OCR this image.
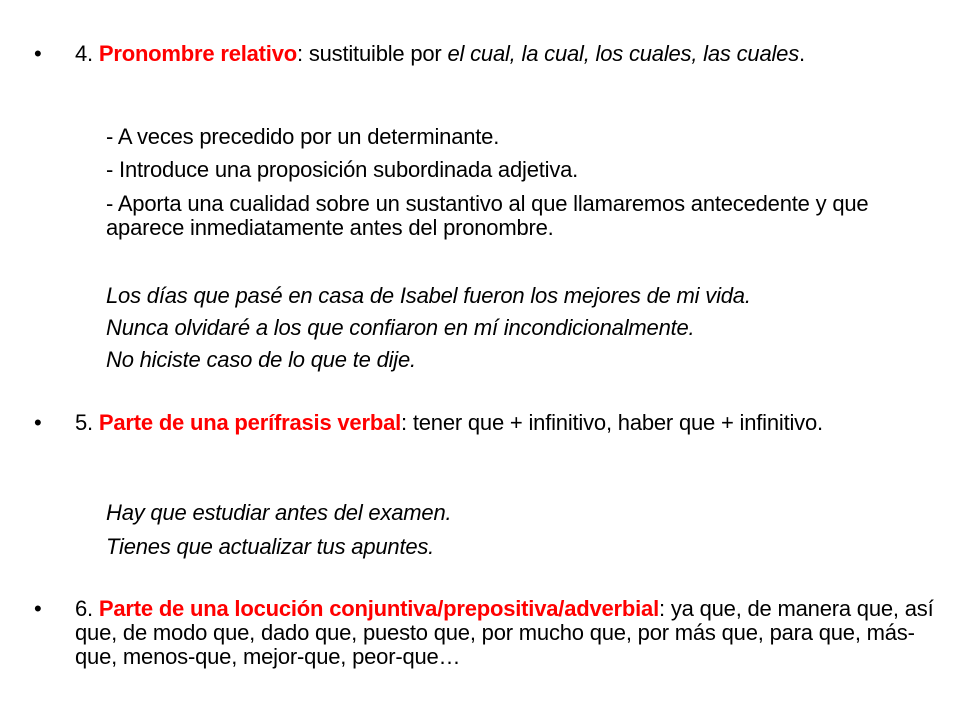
• 4. Pronombre relativo: sustituible por el cual, la cual, los cuales, las cuales.
- A veces precedido por un determinante.
- Introduce una proposición subordinada adjetiva.
- Aporta una cualidad sobre un sustantivo al que llamaremos antecedente y que aparece inmediatamente antes del pronombre.
Los días que pasé en casa de Isabel fueron los mejores de mi vida.
Nunca olvidaré a los que confiaron en mí incondicionalmente.
No hiciste caso de lo que te dije.
• 5. Parte de una perífrasis verbal: tener que + infinitivo, haber que + infinitivo.
Hay que estudiar antes del examen.
Tienes que actualizar tus apuntes.
• 6. Parte de una locución conjuntiva/prepositiva/adverbial: ya que, de manera que, así que, de modo que, dado que, puesto que, por mucho que, por más que, para que, más-que, menos-que, mejor-que, peor-que…
